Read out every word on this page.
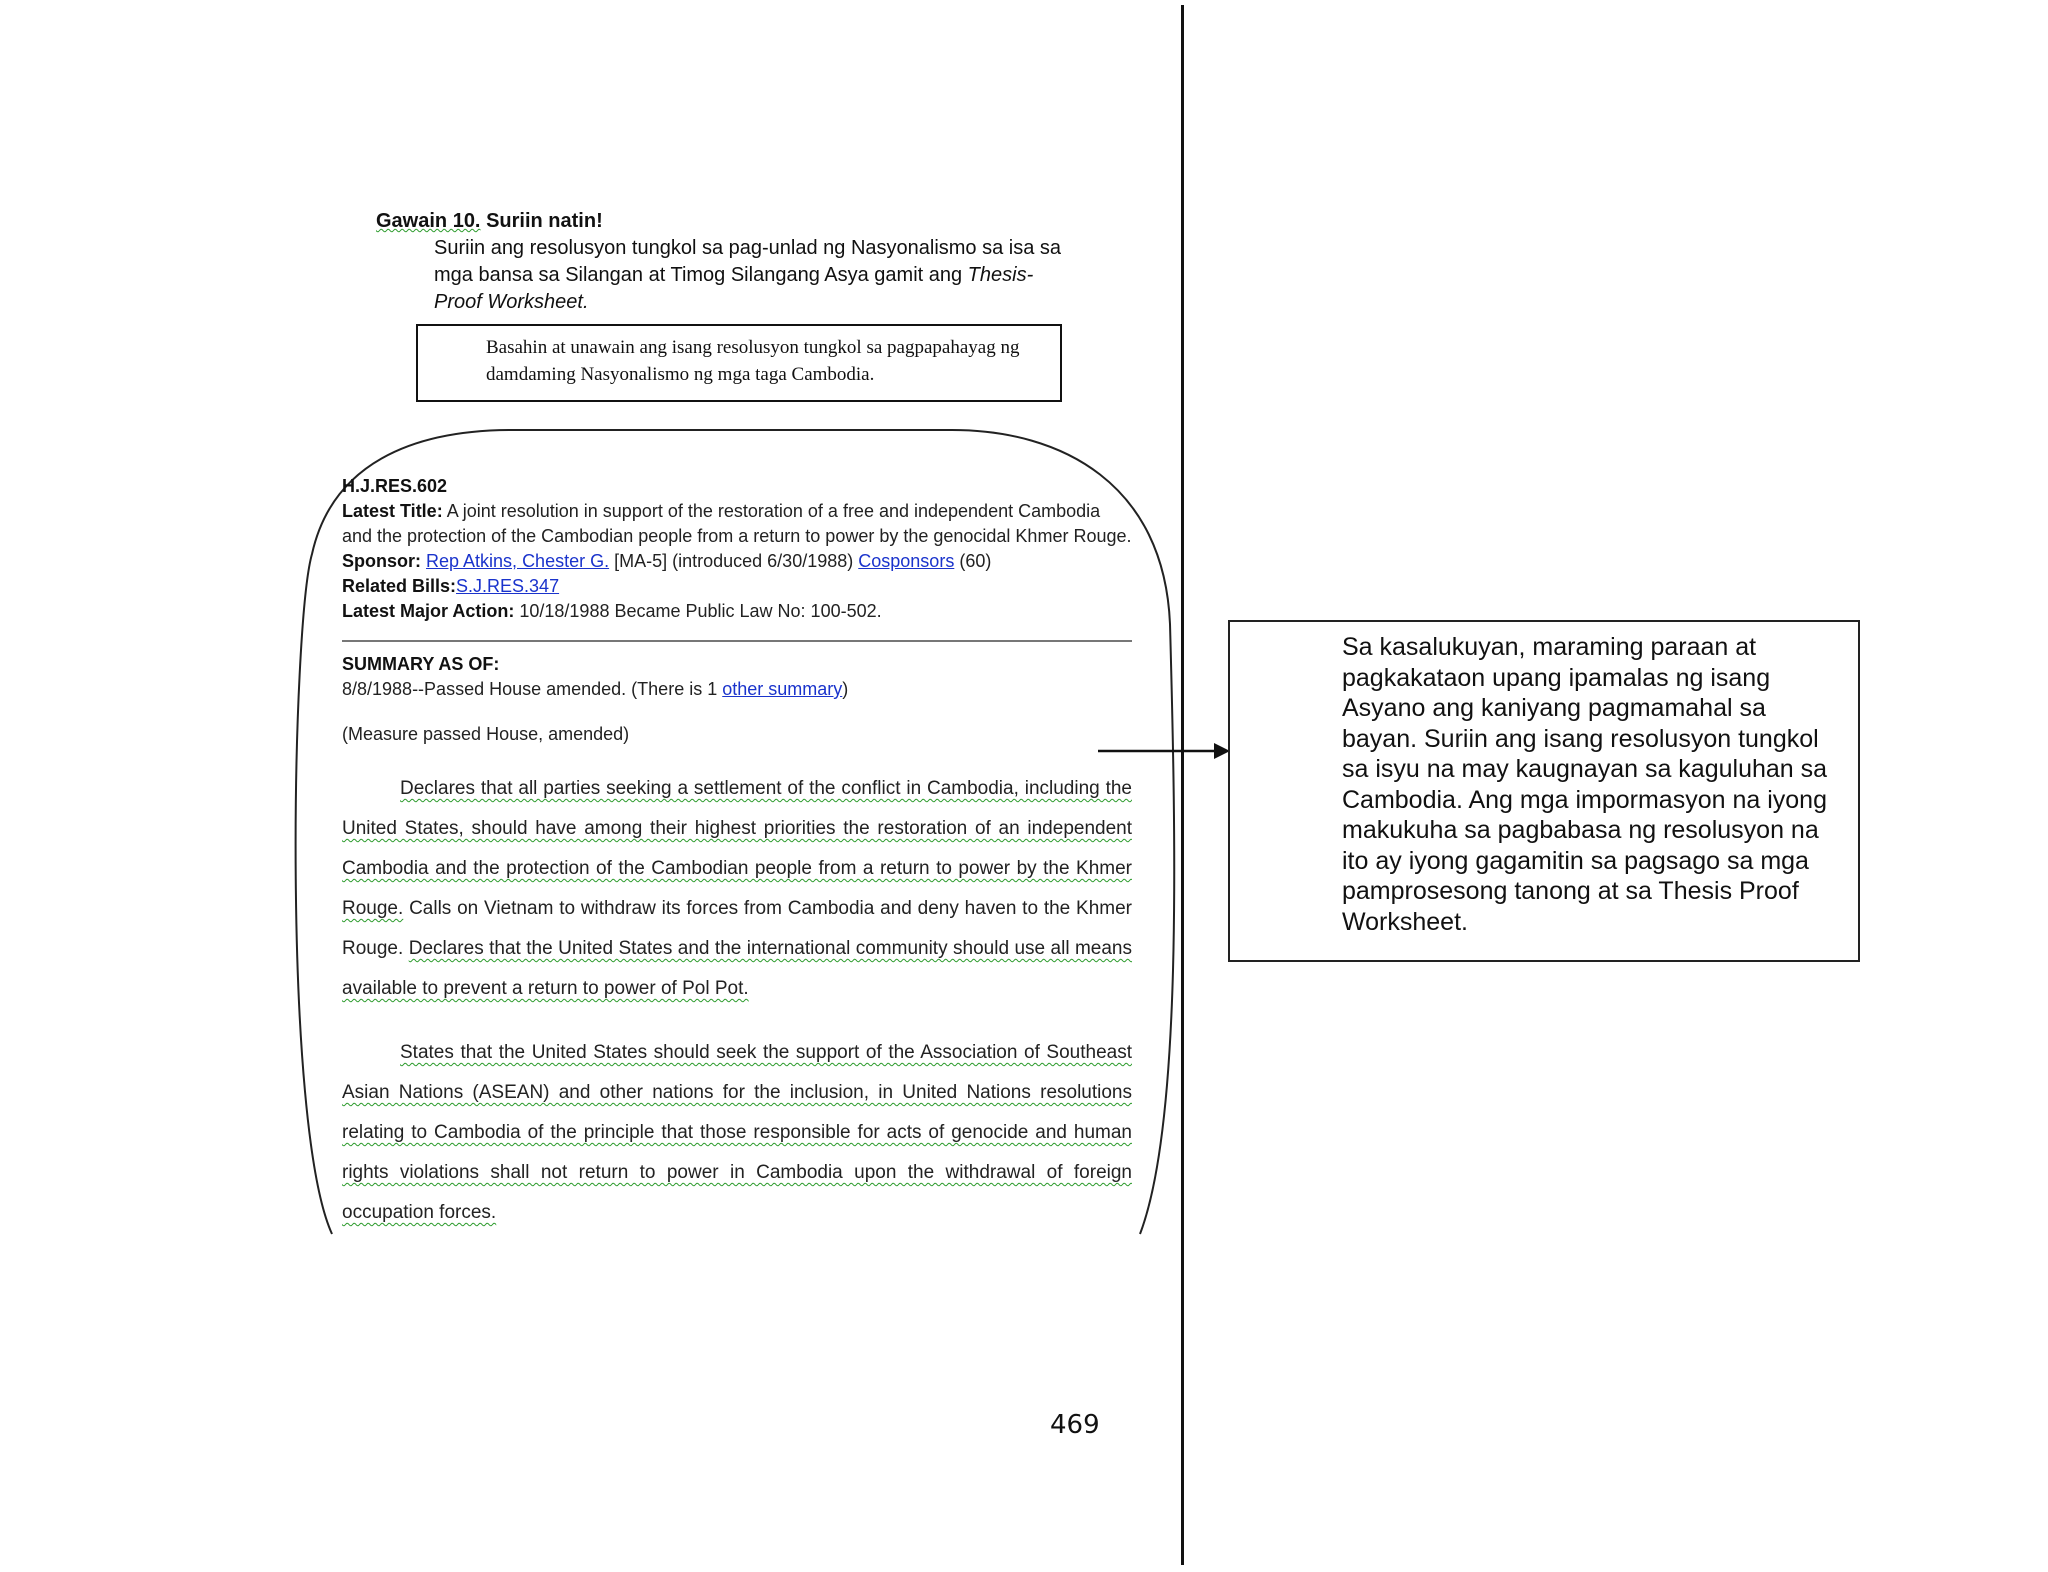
Gawain 10. Suriin natin!
Suriin ang resolusyon tungkol sa pag-unlad ng Nasyonalismo sa isa sa mga bansa sa Silangan at Timog Silangang Asya gamit ang Thesis-Proof Worksheet.
Basahin at unawain ang isang resolusyon tungkol sa pagpapahayag ng damdaming Nasyonalismo ng mga taga Cambodia.
H.J.RES.602
Latest Title: A joint resolution in support of the restoration of a free and independent Cambodia and the protection of the Cambodian people from a return to power by the genocidal Khmer Rouge.
Sponsor: Rep Atkins, Chester G. [MA-5] (introduced 6/30/1988) Cosponsors (60)
Related Bills:S.J.RES.347
Latest Major Action: 10/18/1988 Became Public Law No: 100-502.
SUMMARY AS OF:
8/8/1988--Passed House amended. (There is 1 other summary)
(Measure passed House, amended)
Declares that all parties seeking a settlement of the conflict in Cambodia, including the United States, should have among their highest priorities the restoration of an independent Cambodia and the protection of the Cambodian people from a return to power by the Khmer Rouge. Calls on Vietnam to withdraw its forces from Cambodia and deny haven to the Khmer Rouge. Declares that the United States and the international community should use all means available to prevent a return to power of Pol Pot.
States that the United States should seek the support of the Association of Southeast Asian Nations (ASEAN) and other nations for the inclusion, in United Nations resolutions relating to Cambodia of the principle that those responsible for acts of genocide and human rights violations shall not return to power in Cambodia upon the withdrawal of foreign occupation forces.
Sa kasalukuyan, maraming paraan at pagkakataon upang ipamalas ng isang Asyano ang kaniyang pagmamahal sa bayan. Suriin ang isang resolusyon tungkol sa isyu na may kaugnayan sa kaguluhan sa Cambodia. Ang mga impormasyon na iyong makukuha sa pagbabasa ng resolusyon na ito ay iyong gagamitin sa pagsago sa mga pamprosesong tanong at sa Thesis Proof Worksheet.
469
